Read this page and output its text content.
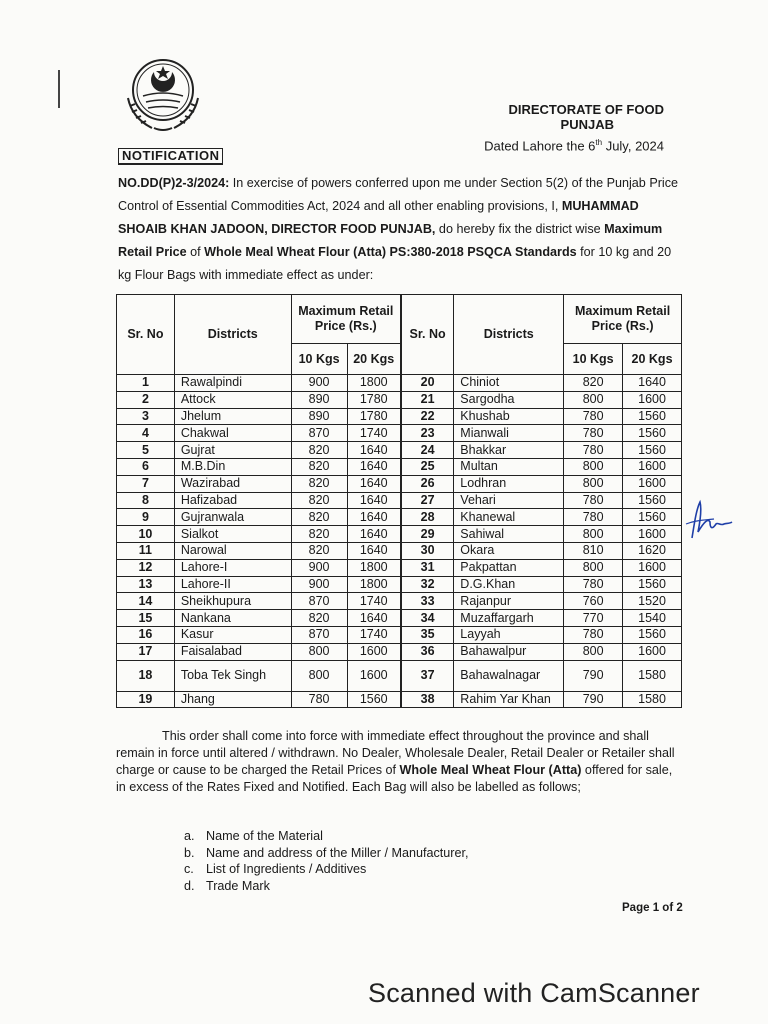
DIRECTORATE OF FOOD
PUNJAB
Dated Lahore the 6th July, 2024
NOTIFICATION
NO.DD(P)2-3/2024: In exercise of powers conferred upon me under Section 5(2) of the Punjab Price Control of Essential Commodities Act, 2024 and all other enabling provisions, I, MUHAMMAD SHOAIB KHAN JADOON, DIRECTOR FOOD PUNJAB, do hereby fix the district wise Maximum Retail Price of Whole Meal Wheat Flour (Atta) PS:380-2018 PSQCA Standards for 10 kg and 20 kg Flour Bags with immediate effect as under:
Sr. No	Districts	Maximum Retail Price (Rs.)		Sr. No	Districts	Maximum Retail Price (Rs.)	
		10 Kgs	20 Kgs			10 Kgs	20 Kgs
1	Rawalpindi	900	1800	20	Chiniot	820	1640
2	Attock	890	1780	21	Sargodha	800	1600
3	Jhelum	890	1780	22	Khushab	780	1560
4	Chakwal	870	1740	23	Mianwali	780	1560
5	Gujrat	820	1640	24	Bhakkar	780	1560
6	M.B.Din	820	1640	25	Multan	800	1600
7	Wazirabad	820	1640	26	Lodhran	800	1600
8	Hafizabad	820	1640	27	Vehari	780	1560
9	Gujranwala	820	1640	28	Khanewal	780	1560
10	Sialkot	820	1640	29	Sahiwal	800	1600
11	Narowal	820	1640	30	Okara	810	1620
12	Lahore-I	900	1800	31	Pakpattan	800	1600
13	Lahore-II	900	1800	32	D.G.Khan	780	1560
14	Sheikhupura	870	1740	33	Rajanpur	760	1520
15	Nankana	820	1640	34	Muzaffargarh	770	1540
16	Kasur	870	1740	35	Layyah	780	1560
17	Faisalabad	800	1600	36	Bahawalpur	800	1600
18	Toba Tek Singh	800	1600	37	Bahawalnagar	790	1580
19	Jhang	780	1560	38	Rahim Yar Khan	790	1580
This order shall come into force with immediate effect throughout the province and shall remain in force until altered / withdrawn. No Dealer, Wholesale Dealer, Retail Dealer or Retailer shall charge or cause to be charged the Retail Prices of Whole Meal Wheat Flour (Atta) offered for sale, in excess of the Rates Fixed and Notified. Each Bag will also be labelled as follows;
a. Name of the Material
b. Name and address of the Miller / Manufacturer,
c. List of Ingredients / Additives
d. Trade Mark
Page 1 of 2
Scanned with CamScanner
